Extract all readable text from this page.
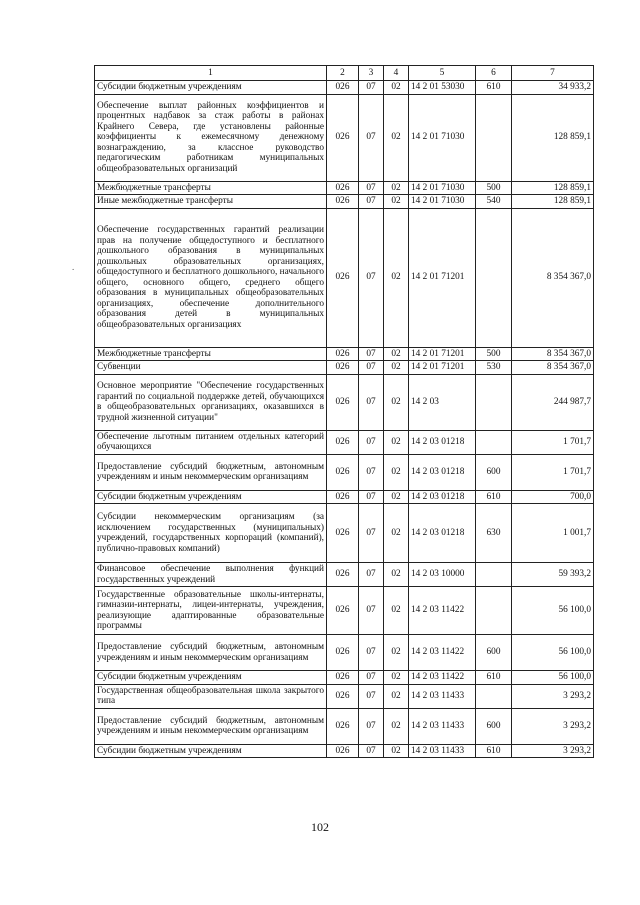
.
1	2	3	4	5	6	7
Субсидии бюджетным учреждениям	026	07	02	14 2 01 53030	610	34 933,2
Обеспечение выплат районных коэффициентов и процентных надбавок за стаж работы в районах Крайнего Севера, где установлены районные коэффициенты к ежемесячному денежному вознаграждению, за классное руководство педагогическим работникам муниципальных общеобразовательных организаций	026	07	02	14 2 01 71030		128 859,1
Межбюджетные трансферты	026	07	02	14 2 01 71030	500	128 859,1
Иные межбюджетные трансферты	026	07	02	14 2 01 71030	540	128 859,1
Обеспечение государственных гарантий реализации прав на получение общедоступного и бесплатного дошкольного образования в муниципальных дошкольных образовательных организациях, общедоступного и бесплатного дошкольного, начального общего, основного общего, среднего общего образования в муниципальных общеобразовательных организациях, обеспечение дополнительного образования детей в муниципальных общеобразовательных организациях	026	07	02	14 2 01 71201		8 354 367,0
Межбюджетные трансферты	026	07	02	14 2 01 71201	500	8 354 367,0
Субвенции	026	07	02	14 2 01 71201	530	8 354 367,0
Основное мероприятие "Обеспечение государственных гарантий по социальной поддержке детей, обучающихся в общеобразовательных организациях, оказавшихся в трудной жизненной ситуации"	026	07	02	14 2 03		244 987,7
Обеспечение льготным питанием отдельных категорий обучающихся	026	07	02	14 2 03 01218		1 701,7
Предоставление субсидий бюджетным, автономным учреждениям и иным некоммерческим организациям	026	07	02	14 2 03 01218	600	1 701,7
Субсидии бюджетным учреждениям	026	07	02	14 2 03 01218	610	700,0
Субсидии некоммерческим организациям (за исключением государственных (муниципальных) учреждений, государственных корпораций (компаний), публично-правовых компаний)	026	07	02	14 2 03 01218	630	1 001,7
Финансовое обеспечение выполнения функций государственных учреждений	026	07	02	14 2 03 10000		59 393,2
Государственные образовательные школы-интернаты, гимназии-интернаты, лицеи-интернаты, учреждения, реализующие адаптированные образовательные программы	026	07	02	14 2 03 11422		56 100,0
Предоставление субсидий бюджетным, автономным учреждениям и иным некоммерческим организациям	026	07	02	14 2 03 11422	600	56 100,0
Субсидии бюджетным учреждениям	026	07	02	14 2 03 11422	610	56 100,0
Государственная общеобразовательная школа закрытого типа	026	07	02	14 2 03 11433		3 293,2
Предоставление субсидий бюджетным, автономным учреждениям и иным некоммерческим организациям	026	07	02	14 2 03 11433	600	3 293,2
Субсидии бюджетным учреждениям	026	07	02	14 2 03 11433	610	3 293,2
102
